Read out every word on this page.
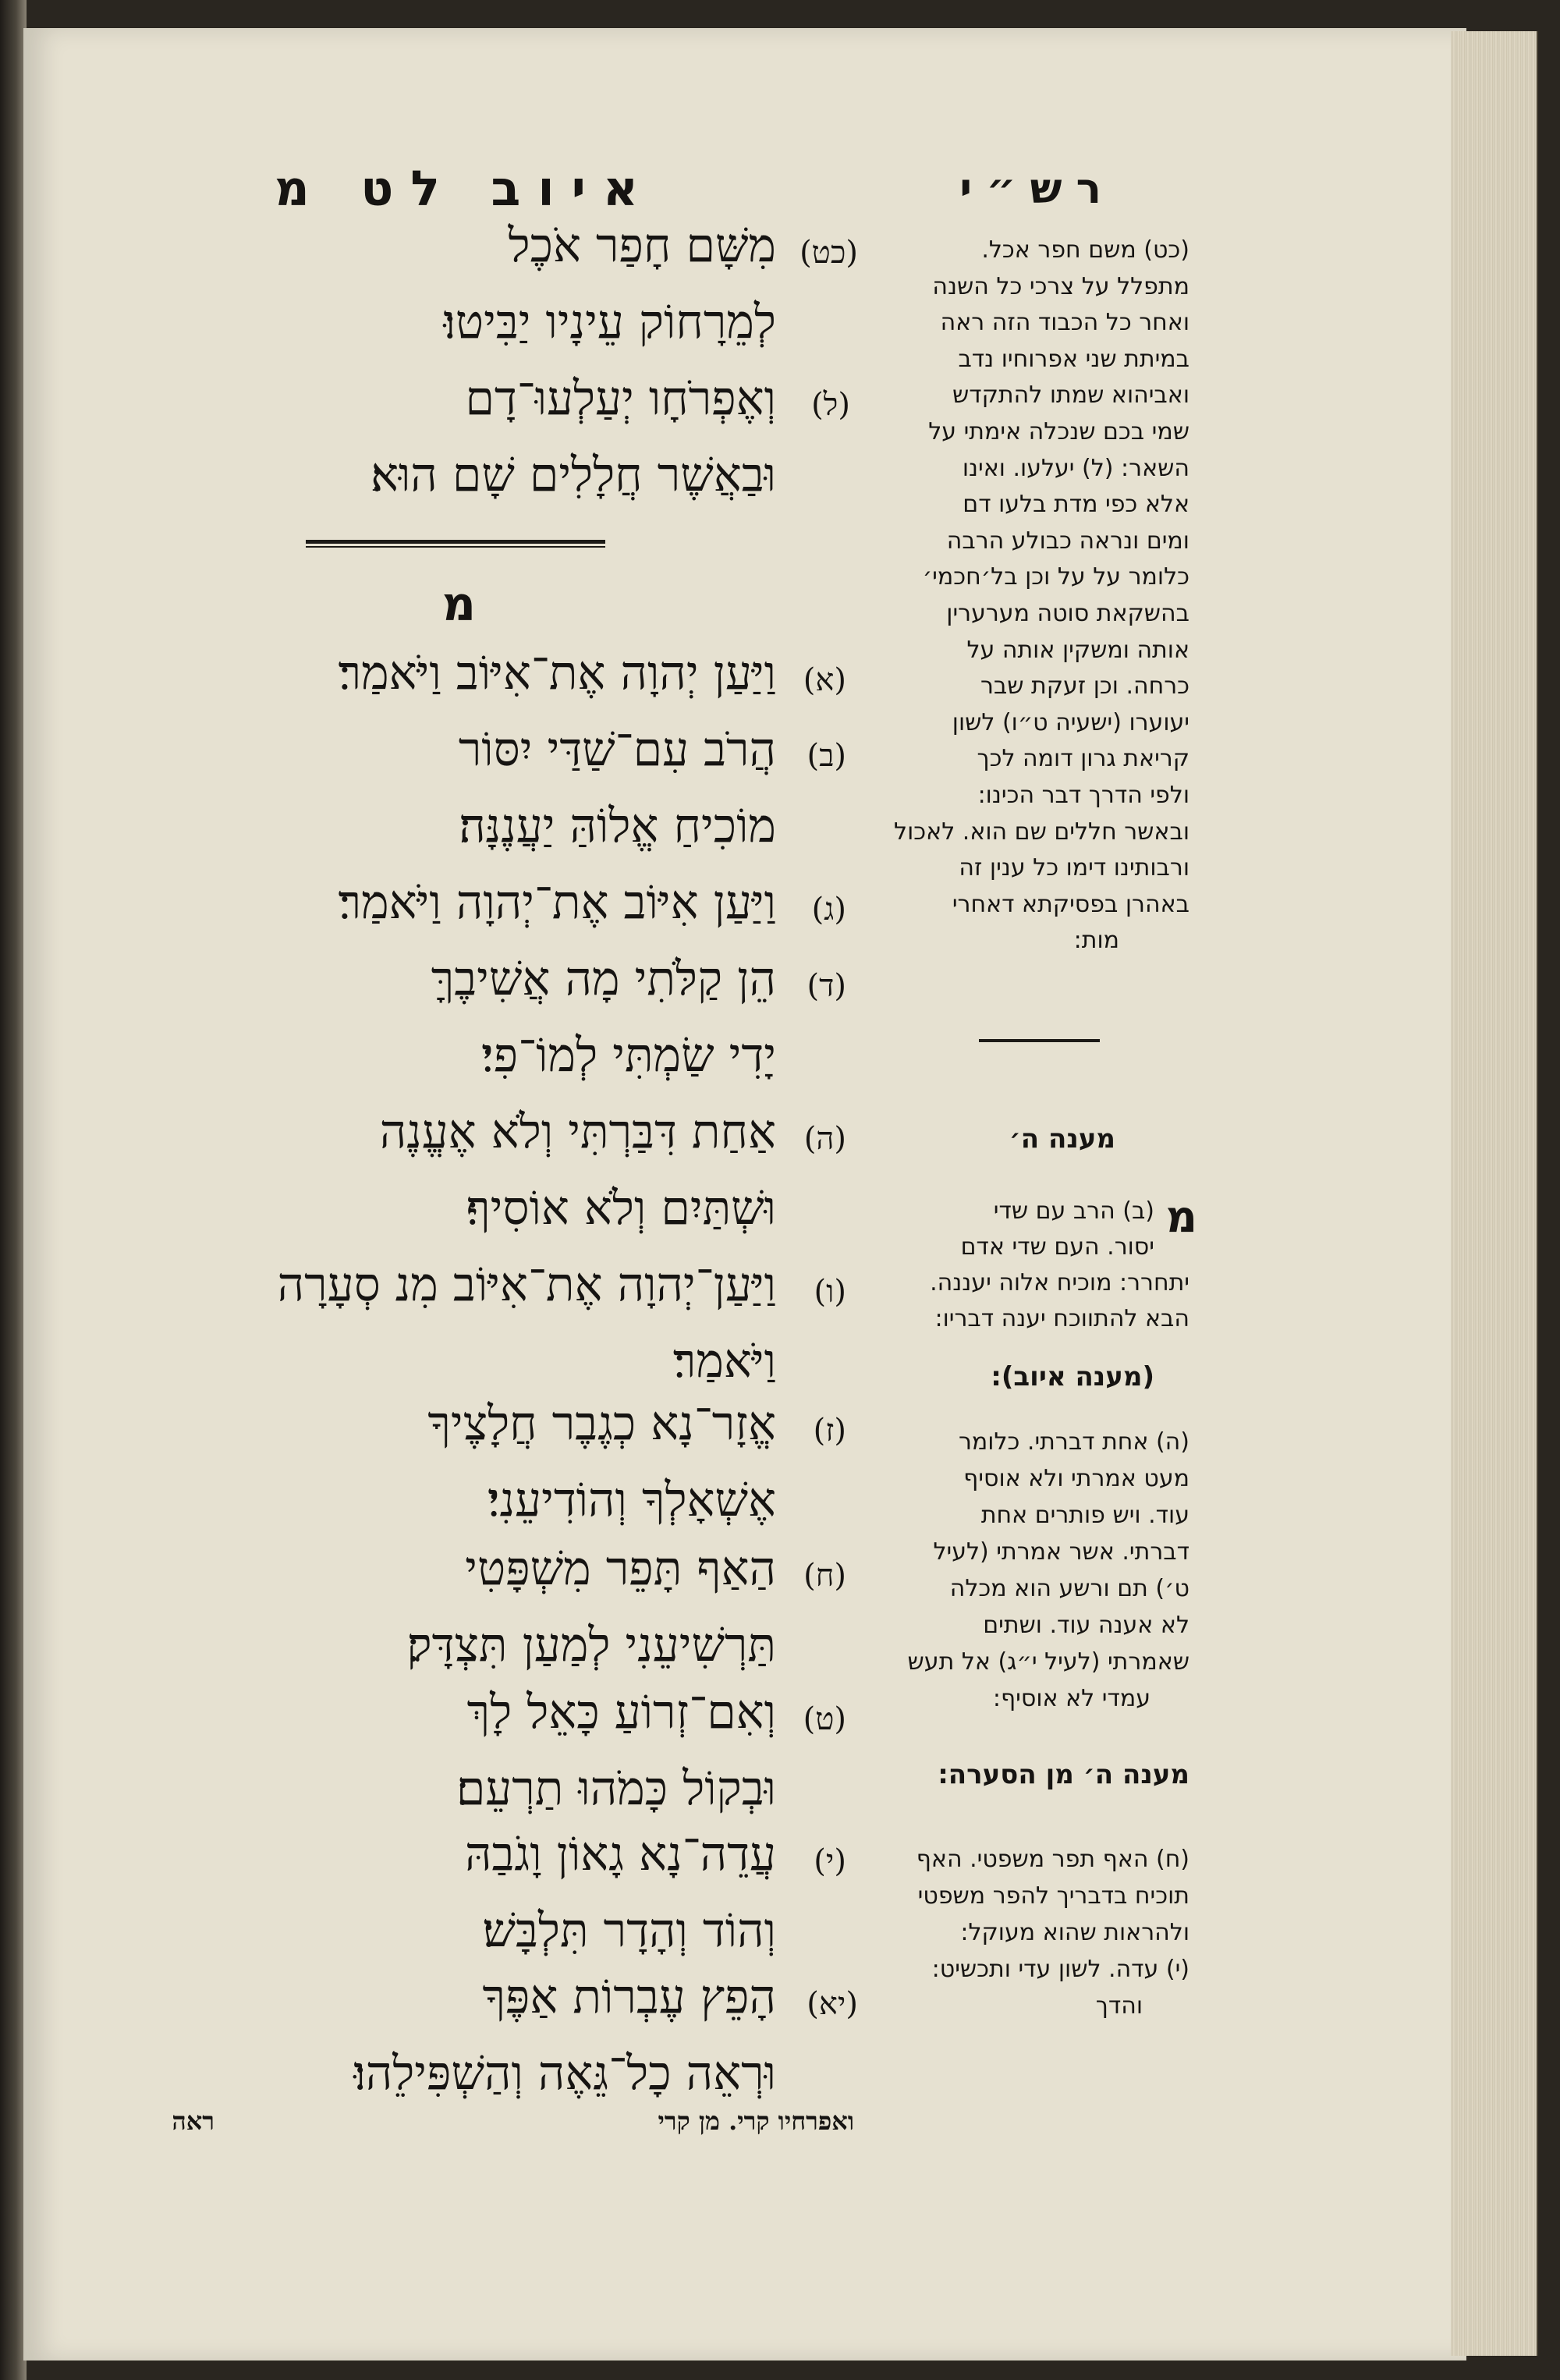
איוב לט מ	רש״י
(כט)
מִשָּׁם חָפַר אֹכֶל
לְמֵרָחוֹק עֵינָיו יַבִּיטוּ׃
(ל)
וְאֶפְרֹחָו יְעַלְעוּ־דָם
וּבַאֲשֶׁר חֲלָלִים שָׁם הוּא׃
מ
(א)
וַיַּעַן יְהוָה אֶת־אִיּוֹב וַיֹּאמַר׃
(ב)
הֲרֹב עִם־שַׁדַּי יִסּוֹר
מוֹכִיחַ אֱלוֹהַּ יַעֲנֶנָּה׃
(ג)
וַיַּעַן אִיּוֹב אֶת־יְהוָה וַיֹּאמַר׃
(ד)
הֵן קַלֹּתִי מָה אֲשִׁיבֶךָּ
יָדִי שַׂמְתִּי לְמוֹ־פִי׃
(ה)
אַחַת דִּבַּרְתִּי וְלֹא אֶעֱנֶה
וּשְׁתַּיִם וְלֹא אוֹסִיף׃
(ו)
וַיַּעַן־יְהוָה אֶת־אִיּוֹב מִנ סְעָרָה
וַיֹּאמַר׃
(ז)
אֱזָר־נָא כְגֶבֶר חֲלָצֶיךָ
אֶשְׁאָלְךָ וְהוֹדִיעֵנִי׃
(ח)
הַאַף תָּפֵר מִשְׁפָּטִי
תַּרְשִׁיעֵנִי לְמַעַן תִּצְדָּק׃
(ט)
וְאִם־זְרוֹעַ כָּאֵל לָךְ
וּבְקוֹל כָּמֹהוּ תַרְעֵם׃
(י)
עֲדֵה־נָא גָאוֹן וָגֹבַהּ
וְהוֹד וְהָדָר תִּלְבָּשׁ׃
(יא)
הָפֵץ עֶבְרוֹת אַפֶּךָ
וּרְאֵה כָל־גֵּאֶה וְהַשְׁפִּילֵהוּ׃
(כט) משם חפר אכל.
מתפלל על צרכי כל השנה
ואחר כל הכבוד הזה ראה
במיתת שני אפרוחיו נדב
ואביהוא שמתו להתקדש
שמי בכם שנכלה אימתי על
השאר: (ל) יעלעו. ואינו
אלא כפי מדת בלעו דם
ומים ונראה כבולע הרבה
כלומר על על וכן בל׳חכמי׳
בהשקאת סוטה מערערין
אותה ומשקין אותה על
כרחה. וכן זעקת שבר
יעוערו (ישעיה ט״ו) לשון
קריאת גרון דומה לכך
ולפי הדרך דבר הכינו:
ובאשר חללים שם הוא. לאכול
ורבותינו דימו כל ענין זה
באהרן בפסיקתא דאחרי
מות:
מענה ה׳
מ
(ב) הרב עם שדי
יסור. העם שדי אדם
יתחרר: מוכיח אלוה יעננה.
הבא להתווכח יענה דבריו:
(מענה איוב):
(ה) אחת דברתי. כלומר
מעט אמרתי ולא אוסיף
עוד. ויש פותרים אחת
דברתי. אשר אמרתי (לעיל
ט׳) תם ורשע הוא מכלה
לא אענה עוד. ושתים
שאמרתי (לעיל י״ג) אל תעש
עמדי לא אוסיף:
מענה ה׳ מן הסערה:
(ח) האף תפר משפטי. האף
תוכיח בדבריך להפר משפטי
ולהראות שהוא מעוקל:
(י) עדה. לשון עדי ותכשיט:
והדך
ואפרחיו קרי. מן קרי
ראה
